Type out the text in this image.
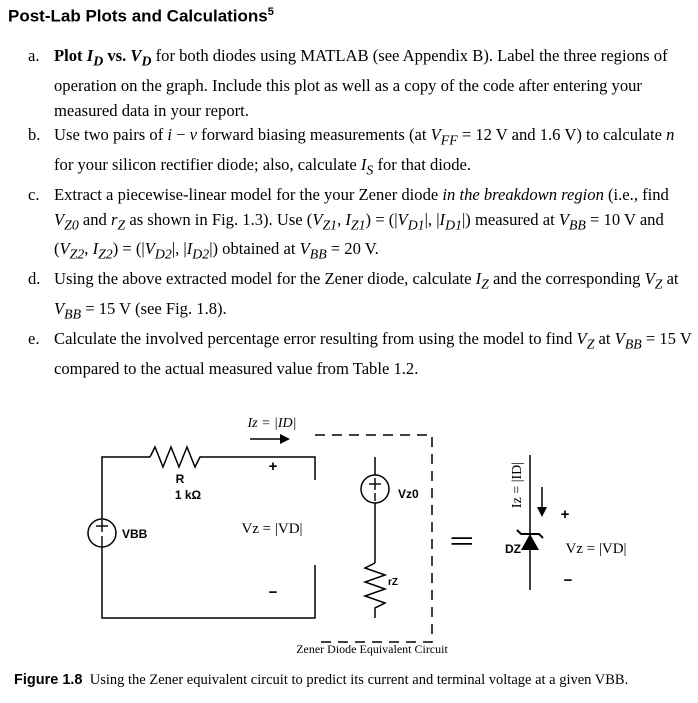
Post-Lab Plots and Calculations$^5$
a. Plot $I_D$ vs. $V_D$ for both diodes using MATLAB (see Appendix B). Label the three regions of operation on the graph. Include this plot as well as a copy of the code after entering your measured data in your report.
b. Use two pairs of i − v forward biasing measurements (at $V_{FF} = 12$ V and 1.6 V) to calculate n for your silicon rectifier diode; also, calculate $I_S$ for that diode.
c. Extract a piecewise-linear model for the your Zener diode in the breakdown region (i.e., find $V_{Z0}$ and $r_Z$ as shown in Fig. 1.3). Use ($V_{Z1}$, $I_{Z1}) = (|V_{D1}|$, $|I_{D1}|$) measured at $V_{BB} = 10$ V and ($V_{Z2}$, $I_{Z2}) = (|V_{D2}|$, $|I_{D2}|$) obtained at $V_{BB} = 20$ V.
d. Using the above extracted model for the Zener diode, calculate $I_Z$ and the corresponding $V_Z$ at $V_{BB} = 15$ V (see Fig. 1.8).
e. Calculate the involved percentage error resulting from using the model to find $V_Z$ at $V_{BB} = 15$ V compared to the actual measured value from Table 1.2.
VBB
R
1 kΩ
Iz = |ID|
+
Vz = |VD|
−
Vz0
rZ
||
Iz = |ID|
DZ
+
Vz = |VD|
−
Zener Diode Equivalent Circuit
Figure 1.8 Using the Zener equivalent circuit to predict its current and terminal voltage at a given VBB.
